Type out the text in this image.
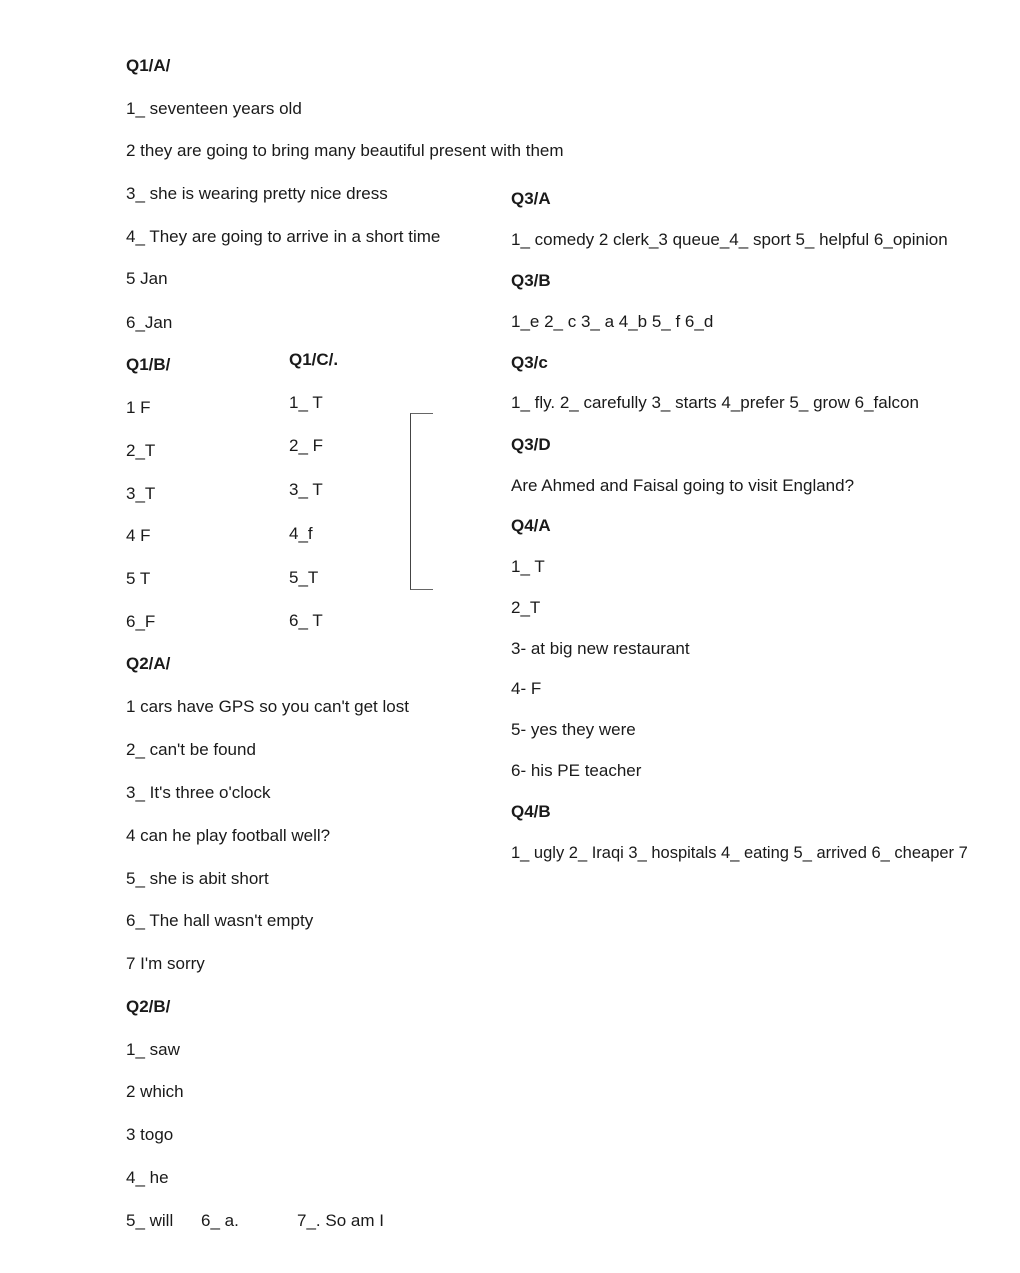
Q1/A/
1_ seventeen years old
2 they are going to bring many beautiful present with them
3_ she is wearing pretty nice dress
4_ They are going to arrive in a short time
5 Jan
6_Jan
Q1/B/
1 F
2_T
3_T
4 F
5 T
6_F
Q1/C/.
1_ T
2_ F
3_ T
4_f
5_T
6_ T
Q2/A/
1 cars have GPS so you can't get lost
2_ can't be found
3_ It's three o'clock
4 can he play football well?
5_ she is abit short
6_ The hall wasn't empty
7 I'm sorry
Q2/B/
1_ saw
2 which
3 togo
4_ he
5_ will 6_ a.	7_. So am I
Q3/A
1_ comedy 2 clerk_3 queue_4_ sport 5_ helpful 6_opinion
Q3/B
1_e 2_ c 3_ a 4_b 5_ f 6_d
Q3/c
1_ fly. 2_ carefully 3_ starts 4_prefer 5_ grow 6_falcon
Q3/D
Are Ahmed and Faisal going to visit England?
Q4/A
1_ T
2_T
3- at big new restaurant
4- F
5- yes they were
6- his PE teacher
Q4/B
1_ ugly 2_ Iraqi 3_ hospitals 4_ eating 5_ arrived 6_ cheaper 7
